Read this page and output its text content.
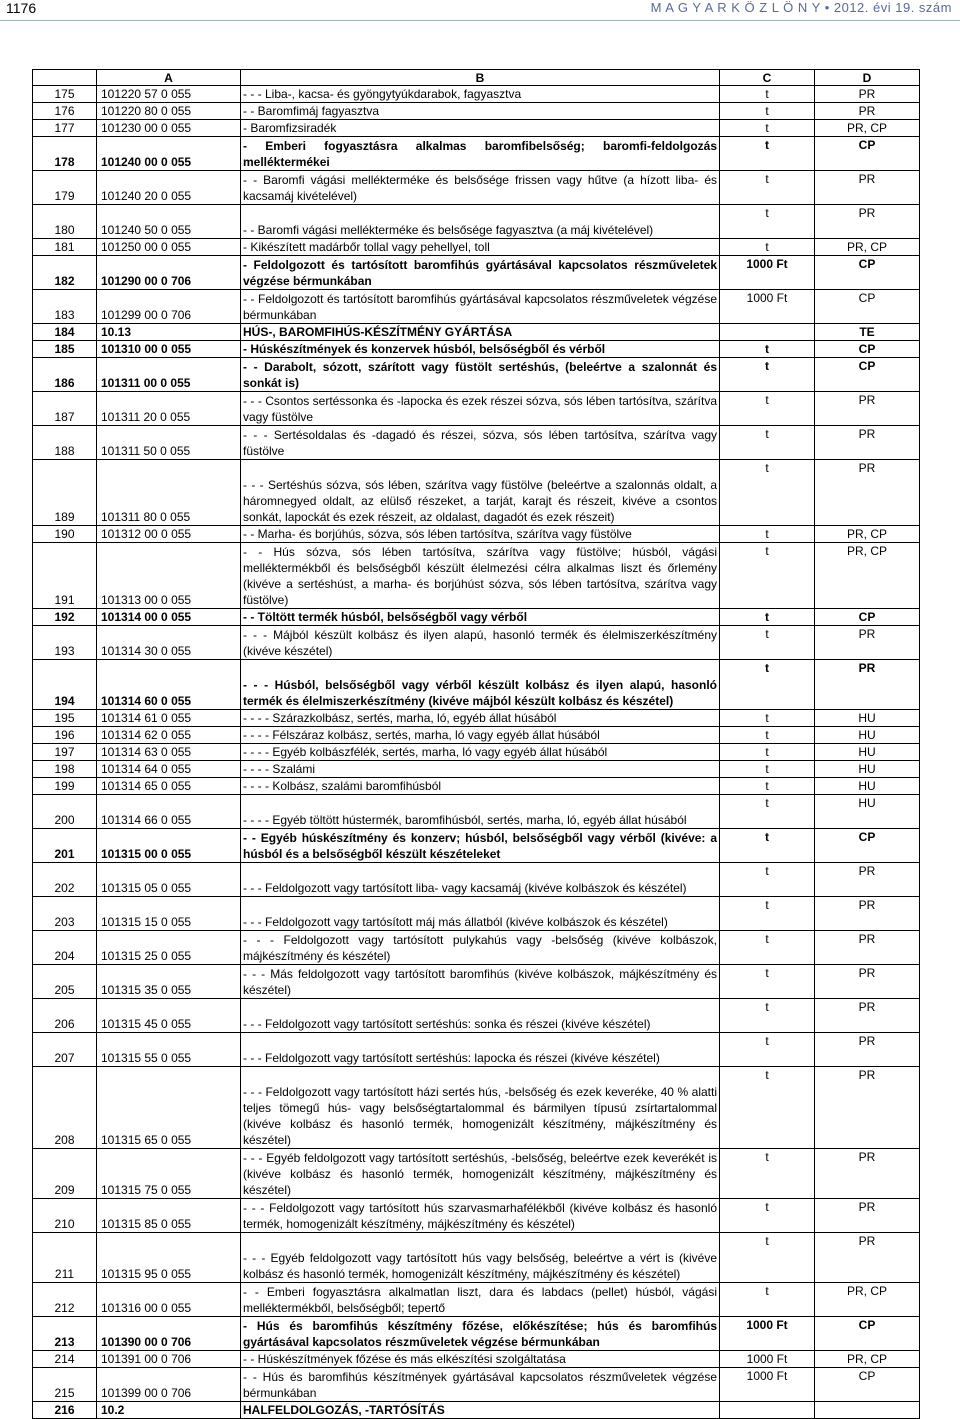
1176	M A G Y A R K Ö Z L Ö N Y • 2012. évi 19. szám
	A	B	C	D
175	101220 57 0 055	- - - Liba-, kacsa- és gyöngytyúkdarabok, fagyasztva	t	PR
176	101220 80 0 055	- - Baromfimáj fagyasztva	t	PR
177	101230 00 0 055	- Baromfizsiradék	t	PR, CP
178	101240 00 0 055	- Emberi fogyasztásra alkalmas baromfibelsőség; baromfi-feldolgozás melléktermékei	t	CP
179	101240 20 0 055	- - Baromfi vágási mellékterméke és belsősége frissen vagy hűtve (a hízott liba- és kacsamáj kivételével)	t	PR
180	101240 50 0 055	- - Baromfi vágási mellékterméke és belsősége fagyasztva (a máj kivételével)	t	PR
181	101250 00 0 055	- Kikészített madárbőr tollal vagy pehellyel, toll	t	PR, CP
182	101290 00 0 706	- Feldolgozott és tartósított baromfihús gyártásával kapcsolatos részműveletek végzése bérmunkában	1000 Ft	CP
183	101299 00 0 706	- - Feldolgozott és tartósított baromfihús gyártásával kapcsolatos részműveletek végzése bérmunkában	1000 Ft	CP
184	10.13	HÚS-, BAROMFIHÚS-KÉSZÍTMÉNY GYÁRTÁSA		TE
185	101310 00 0 055	- Húskészítmények és konzervek húsból, belsőségből és vérből	t	CP
186	101311 00 0 055	- - Darabolt, sózott, szárított vagy füstölt sertéshús, (beleértve a szalonnát és sonkát is)	t	CP
187	101311 20 0 055	- - - Csontos sertéssonka és -lapocka és ezek részei sózva, sós lében tartósítva, szárítva vagy füstölve	t	PR
188	101311 50 0 055	- - - Sertésoldalas és -dagadó és részei, sózva, sós lében tartósítva, szárítva vagy füstölve	t	PR
189	101311 80 0 055	- - - Sertéshús sózva, sós lében, szárítva vagy füstölve (beleértve a szalonnás oldalt, a háromnegyed oldalt, az elülső részeket, a tarját, karajt és részeit, kivéve a csontos sonkát, lapockát és ezek részeit, az oldalast, dagadót és ezek részeit)	t	PR
190	101312 00 0 055	- - Marha- és borjúhús, sózva, sós lében tartósítva, szárítva vagy füstölve	t	PR, CP
191	101313 00 0 055	- - Hús sózva, sós lében tartósítva, szárítva vagy füstölve; húsból, vágási melléktermékből és belsőségből készült élelmezési célra alkalmas liszt és őrlemény (kivéve a sertéshúst, a marha- és borjúhúst sózva, sós lében tartósítva, szárítva vagy füstölve)	t	PR, CP
192	101314 00 0 055	- - Töltött termék húsból, belsőségből vagy vérből	t	CP
193	101314 30 0 055	- - - Májból készült kolbász és ilyen alapú, hasonló termék és élelmiszerkészítmény (kivéve készétel)	t	PR
194	101314 60 0 055	- - - Húsból, belsőségből vagy vérből készült kolbász és ilyen alapú, hasonló termék és élelmiszerkészítmény (kivéve májból készült kolbász és készétel)	t	PR
195	101314 61 0 055	- - - - Szárazkolbász, sertés, marha, ló, egyéb állat húsából	t	HU
196	101314 62 0 055	- - - - Félszáraz kolbász, sertés, marha, ló vagy egyéb állat húsából	t	HU
197	101314 63 0 055	- - - - Egyéb kolbászfélék, sertés, marha, ló vagy egyéb állat húsából	t	HU
198	101314 64 0 055	- - - - Szalámi	t	HU
199	101314 65 0 055	- - - - Kolbász, szalámi baromfihúsból	t	HU
200	101314 66 0 055	- - - - Egyéb töltött hústermék, baromfihúsból, sertés, marha, ló, egyéb állat húsából	t	HU
201	101315 00 0 055	- - Egyéb húskészítmény és konzerv; húsból, belsőségből vagy vérből (kivéve: a húsból és a belsőségből készült készételeket	t	CP
202	101315 05 0 055	- - - Feldolgozott vagy tartósított liba- vagy kacsamáj (kivéve kolbászok és készétel)	t	PR
203	101315 15 0 055	- - - Feldolgozott vagy tartósított máj más állatból (kivéve kolbászok és készétel)	t	PR
204	101315 25 0 055	- - - Feldolgozott vagy tartósított pulykahús vagy -belsőség (kivéve kolbászok, májkészítmény és készétel)	t	PR
205	101315 35 0 055	- - - Más feldolgozott vagy tartósított baromfihús (kivéve kolbászok, májkészítmény és készétel)	t	PR
206	101315 45 0 055	- - - Feldolgozott vagy tartósított sertéshús: sonka és részei (kivéve készétel)	t	PR
207	101315 55 0 055	- - - Feldolgozott vagy tartósított sertéshús: lapocka és részei (kivéve készétel)	t	PR
208	101315 65 0 055	- - - Feldolgozott vagy tartósított házi sertés hús, -belsőség és ezek keveréke, 40 % alatti teljes tömegű hús- vagy belsőségtartalommal és bármilyen típusú zsírtartalommal (kivéve kolbász és hasonló termék, homogenizált készítmény, májkészítmény és készétel)	t	PR
209	101315 75 0 055	- - - Egyéb feldolgozott vagy tartósított sertéshús, -belsőség, beleértve ezek keverékét is (kivéve kolbász és hasonló termék, homogenizált készítmény, májkészítmény és készétel)	t	PR
210	101315 85 0 055	- - - Feldolgozott vagy tartósított hús szarvasmarhafélékből (kivéve kolbász és hasonló termék, homogenizált készítmény, májkészítmény és készétel)	t	PR
211	101315 95 0 055	- - - Egyéb feldolgozott vagy tartósított hús vagy belsőség, beleértve a vért is (kivéve kolbász és hasonló termék, homogenizált készítmény, májkészítmény és készétel)	t	PR
212	101316 00 0 055	- - Emberi fogyasztásra alkalmatlan liszt, dara és labdacs (pellet) húsból, vágási melléktermékből, belsőségből; tepertő	t	PR, CP
213	101390 00 0 706	- Hús és baromfihús készítmény főzése, előkészítése; hús és baromfihús gyártásával kapcsolatos részműveletek végzése bérmunkában	1000 Ft	CP
214	101391 00 0 706	- - Húskészítmények főzése és más elkészítési szolgáltatása	1000 Ft	PR, CP
215	101399 00 0 706	- - Hús és baromfihús készítmények gyártásával kapcsolatos részműveletek végzése bérmunkában	1000 Ft	CP
216	10.2	HALFELDOLGOZÁS, -TARTÓSÍTÁS		
